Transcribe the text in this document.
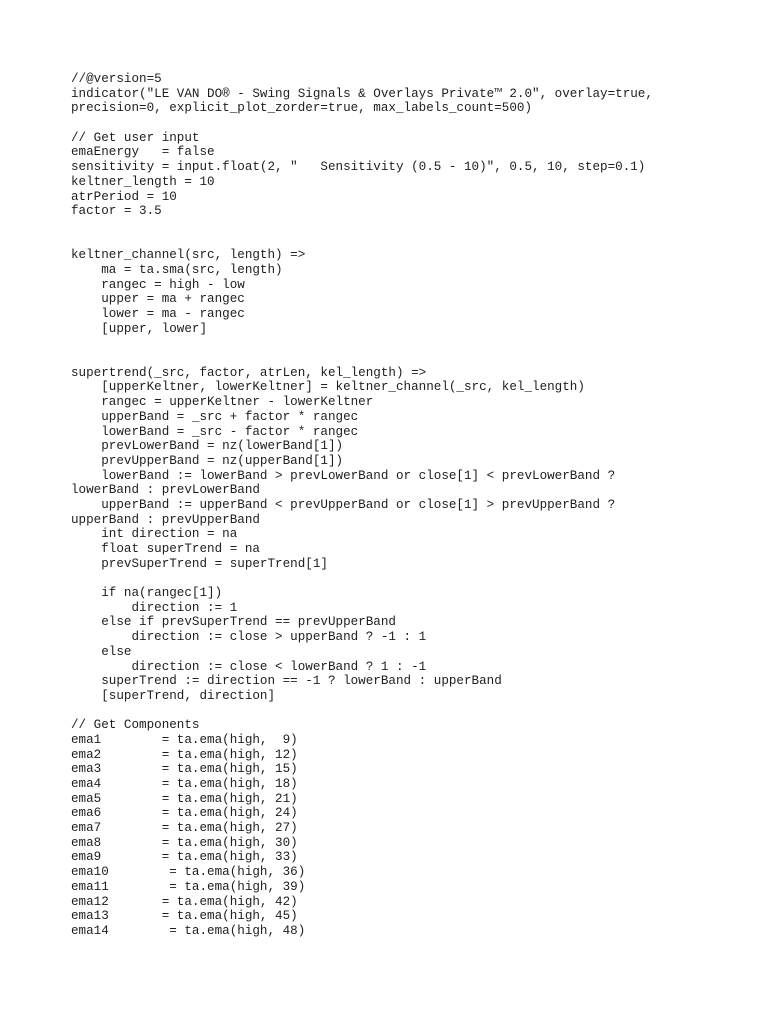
//@version=5
indicator("LE VAN DO® - Swing Signals & Overlays Private™ 2.0", overlay=true,
precision=0, explicit_plot_zorder=true, max_labels_count=500)
// Get user input
emaEnergy   = false
sensitivity = input.float(2, "   Sensitivity (0.5 - 10)", 0.5, 10, step=0.1)
keltner_length = 10
atrPeriod = 10
factor = 3.5
keltner_channel(src, length) =>
ma = ta.sma(src, length)
rangec = high - low
upper = ma + rangec
lower = ma - rangec
[upper, lower]
supertrend(_src, factor, atrLen, kel_length) =>
[upperKeltner, lowerKeltner] = keltner_channel(_src, kel_length)
rangec = upperKeltner - lowerKeltner
upperBand = _src + factor * rangec
lowerBand = _src - factor * rangec
prevLowerBand = nz(lowerBand[1])
prevUpperBand = nz(upperBand[1])
lowerBand := lowerBand > prevLowerBand or close[1] < prevLowerBand ?
lowerBand : prevLowerBand
upperBand := upperBand < prevUpperBand or close[1] > prevUpperBand ?
upperBand : prevUpperBand
int direction = na
float superTrend = na
prevSuperTrend = superTrend[1]
if na(rangec[1])
direction := 1
else if prevSuperTrend == prevUpperBand
direction := close > upperBand ? -1 : 1
else
direction := close < lowerBand ? 1 : -1
superTrend := direction == -1 ? lowerBand : upperBand
[superTrend, direction]
// Get Components
ema1        = ta.ema(high,  9)
ema2        = ta.ema(high, 12)
ema3        = ta.ema(high, 15)
ema4        = ta.ema(high, 18)
ema5        = ta.ema(high, 21)
ema6        = ta.ema(high, 24)
ema7        = ta.ema(high, 27)
ema8        = ta.ema(high, 30)
ema9        = ta.ema(high, 33)
ema10        = ta.ema(high, 36)
ema11        = ta.ema(high, 39)
ema12       = ta.ema(high, 42)
ema13       = ta.ema(high, 45)
ema14        = ta.ema(high, 48)
